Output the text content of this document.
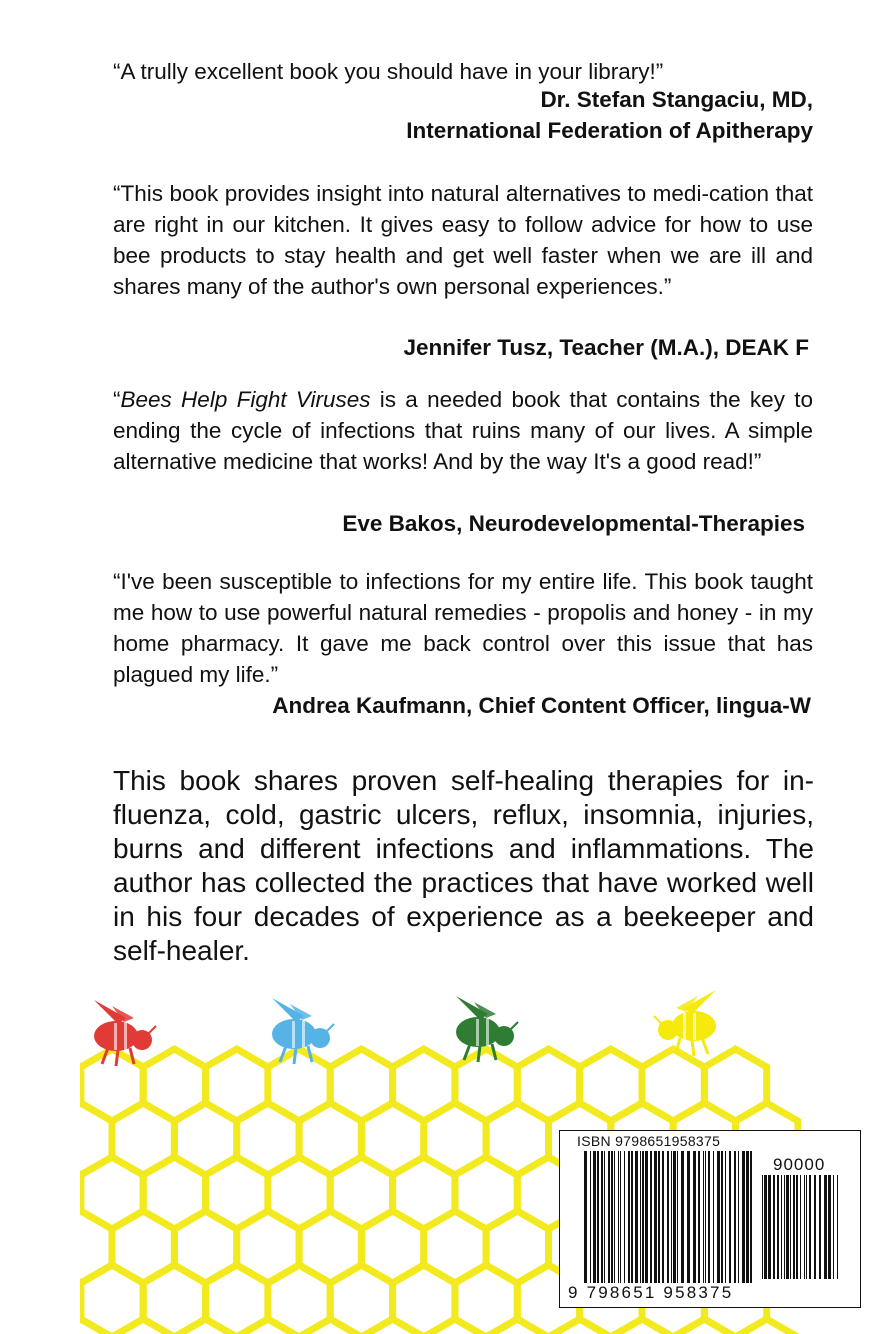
“A trully excellent book you should have in your library!”

Dr. Stefan Stangaciu, MD,
International Federation of Apitherapy

“This book provides insight into natural alternatives to medi-cation that are right in our kitchen. It gives easy to follow advice for how to use bee products to stay health and get well faster when we are ill and shares many of the author's own personal experiences.”

Jennifer Tusz, Teacher (M.A.), DEAK F

“Bees Help Fight Viruses is a needed book that contains the key to ending the cycle of infections that ruins many of our lives. A simple alternative medicine that works! And by the way It's a good read!”

Eve Bakos, Neurodevelopmental-Therapies

“I've been susceptible to infections for my entire life. This book taught me how to use powerful natural remedies - propolis and honey - in my home pharmacy. It gave me back control over this issue that has plagued my life.”

Andrea Kaufmann, Chief Content Officer, lingua-W

This book shares proven self-healing therapies for in-fluenza, cold, gastric ulcers, reflux, insomnia, injuries, burns and different infections and inflammations. The author has collected the practices that have worked well in his four decades of experience as a beekeeper and self-healer.

ISBN 9798651958375
90000
9 798651 958375
